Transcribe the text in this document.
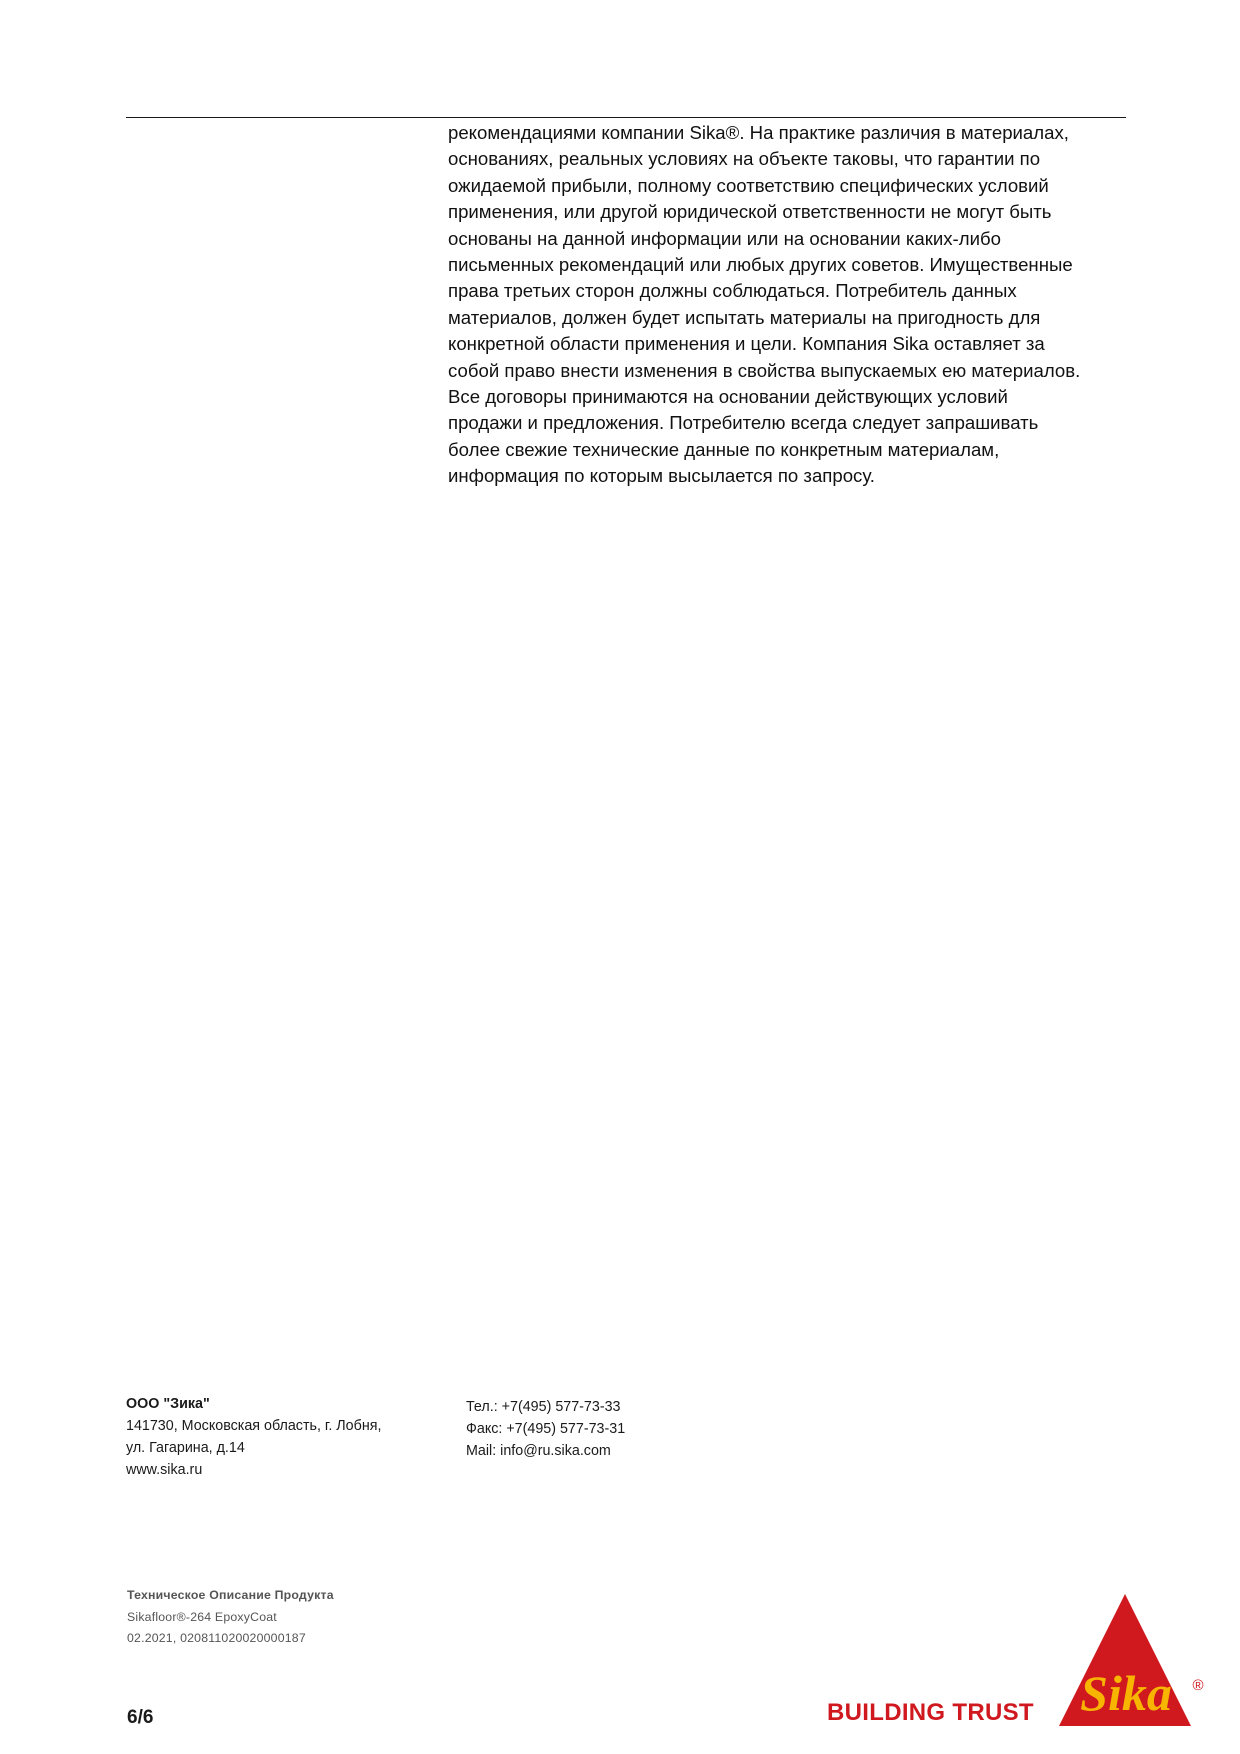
рекомендациями компании Sika®. На практике различия в материалах,
основаниях, реальных условиях на объекте таковы, что гарантии по
ожидаемой прибыли, полному соответствию специфических условий
применения, или другой юридической ответственности не могут быть
основаны на данной информации или на основании каких-либо
письменных рекомендаций или любых других советов. Имущественные
права третьих сторон должны соблюдаться. Потребитель данных
материалов, должен будет испытать материалы на пригодность для
конкретной области применения и цели. Компания Sika оставляет за
собой право внести изменения в свойства выпускаемых ею материалов.
Все договоры принимаются на основании действующих условий
продажи и предложения. Потребителю всегда следует запрашивать
более свежие технические данные по конкретным материалам,
информация по которым высылается по запросу.
ООО "Зика"
141730, Московская область, г. Лобня,
ул. Гагарина, д.14
www.sika.ru
Тел.: +7(495) 577-73-33
Факс: +7(495) 577-73-31
Mail: info@ru.sika.com
Техническое Описание Продукта
Sikafloor®-264 EpoxyCoat
02.2021, 020811020020000187
6/6	BUILDING TRUST Sika ®
